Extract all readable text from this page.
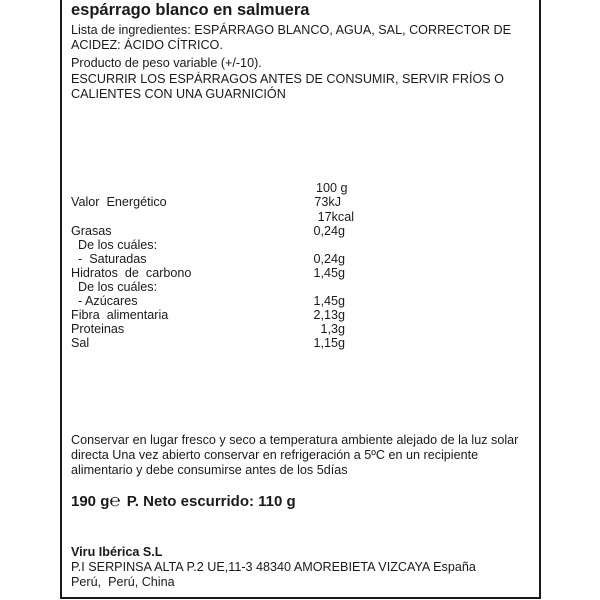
espárrago blanco en salmuera
Lista de ingredientes: ESPÁRRAGO BLANCO, AGUA, SAL, CORRECTOR DE
ACIDEZ: ÁCIDO CÍTRICO.
Producto de peso variable (+/-10).
ESCURRIR LOS ESPÁRRAGOS ANTES DE CONSUMIR, SERVIR FRÍOS O
CALIENTES CON UNA GUARNICIÓN
100 g
Valor  Energético	73kJ
17kcal
Grasas	0,24g
De los cuáles:
-  Saturadas	0,24g
Hidratos  de  carbono	1,45g
De los cuáles:
- Azúcares	1,45g
Fibra  alimentaria	2,13g
Proteinas	1,3g
Sal	1,15g
Conservar en lugar fresco y seco a temperatura ambiente alejado de la luz solar
directa Una vez abierto conservar en refrigeración a 5ºC en un recipiente
alimentario y debe consumirse antes de los 5días
190 g℮ P. Neto escurrido: 110 g
Viru Ibérica S.L
P.I SERPINSA ALTA P.2 UE,11-3 48340 AMOREBIETA VIZCAYA España
Perú,  Perú, China
